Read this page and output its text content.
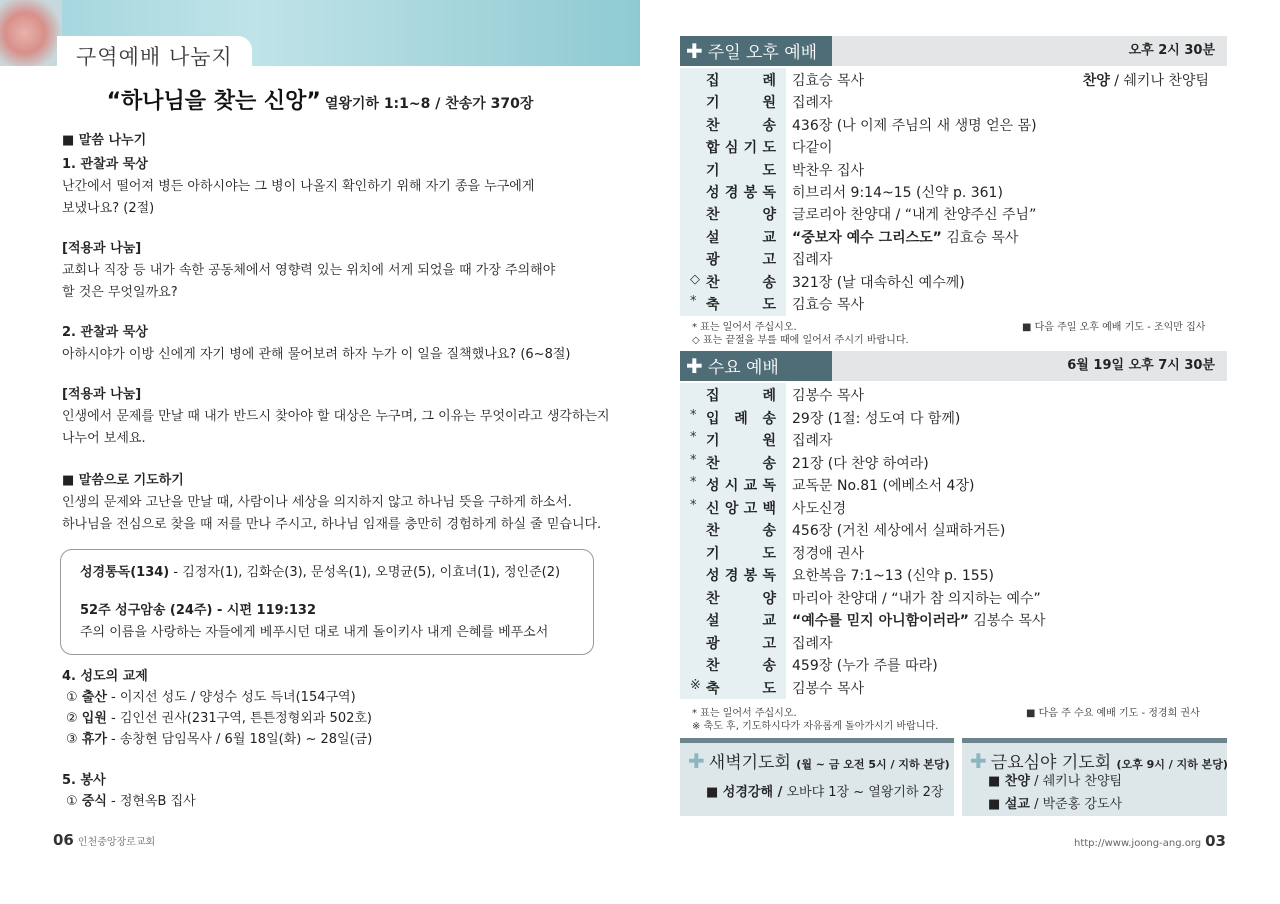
구역예배 나눔지
“하나님을 찾는 신앙” 열왕기하 1:1~8 / 찬송가 370장
■ 말씀 나누기
1. 관찰과 묵상
난간에서 떨어져 병든 아하시야는 그 병이 나올지 확인하기 위해 자기 종을 누구에게
보냈나요? (2절)
[적용과 나눔]
교회나 직장 등 내가 속한 공동체에서 영향력 있는 위치에 서게 되었을 때 가장 주의해야
할 것은 무엇일까요?
2. 관찰과 묵상
아하시야가 이방 신에게 자기 병에 관해 물어보려 하자 누가 이 일을 질책했나요? (6~8절)
[적용과 나눔]
인생에서 문제를 만날 때 내가 반드시 찾아야 할 대상은 누구며, 그 이유는 무엇이라고 생각하는지
나누어 보세요.
■ 말씀으로 기도하기
인생의 문제와 고난을 만날 때, 사람이나 세상을 의지하지 않고 하나님 뜻을 구하게 하소서.
하나님을 전심으로 찾을 때 저를 만나 주시고, 하나님 임재를 충만히 경험하게 하실 줄 믿습니다.
성경통독(134) - 김정자(1), 김화순(3), 문성옥(1), 오명균(5), 이효녀(1), 정인준(2)
52주 성구암송 (24주) - 시편 119:132
주의 이름을 사랑하는 자들에게 베푸시던 대로 내게 돌이키사 내게 은혜를 베푸소서
4. 성도의 교제
① 출산 - 이지선 성도 / 양성수 성도 득녀(154구역)
② 입원 - 김인선 권사(231구역, 튼튼정형외과 502호)
③ 휴가 - 송창현 담임목사 / 6월 18일(화) ~ 28일(금)
5. 봉사
① 중식 - 정현옥B 집사
06 인천중앙장로교회
✚ 주일 오후 예배	오후 2시 30분
집	례 김효승 목사	찬양 / 쉐키나 찬양팀
기	원 집례자
찬	송 436장 (나 이제 주님의 새 생명 얻은 몸)
합 심 기 도 다같이
기	도 박찬우 집사
성 경 봉 독 히브리서 9:14~15 (신약 p. 361)
찬	양 글로리아 찬양대 / “내게 찬양주신 주님”
설	교 “중보자 예수 그리스도” 김효승 목사
광	고 집례자
◇ 찬	송 321장 (날 대속하신 예수께)
* 축	도 김효승 목사
* 표는 일어서 주십시오.
◇ 표는 끝절을 부를 때에 일어서 주시기 바랍니다.
■ 다음 주일 오후 예배 기도 - 조익만 집사
✚ 수요 예배	6월 19일 오후 7시 30분
집	례 김봉수 목사
* 입 례 송 29장 (1절: 성도여 다 함께)
* 기	원 집례자
* 찬	송 21장 (다 찬양 하여라)
* 성 시 교 독 교독문 No.81 (에베소서 4장)
* 신 앙 고 백 사도신경
찬	송 456장 (거친 세상에서 실패하거든)
기	도 정경애 권사
성 경 봉 독 요한복음 7:1~13 (신약 p. 155)
찬	양 마리아 찬양대 / “내가 참 의지하는 예수”
설	교 “예수를 믿지 아니함이러라” 김봉수 목사
광	고 집례자
찬	송 459장 (누가 주를 따라)
※ 축	도 김봉수 목사
* 표는 일어서 주십시오.
※ 축도 후, 기도하시다가 자유롭게 돌아가시기 바랍니다.
■ 다음 주 수요 예배 기도 - 정경희 권사
✚ 새벽기도회 (월 ~ 금 오전 5시 / 지하 본당)
■ 성경강해 / 오바댜 1장 ~ 열왕기하 2장
✚ 금요심야 기도회 (오후 9시 / 지하 본당)
■ 찬양 / 쉐키나 찬양팀
■ 설교 / 박준홍 강도사
http://www.joong-ang.org 03
